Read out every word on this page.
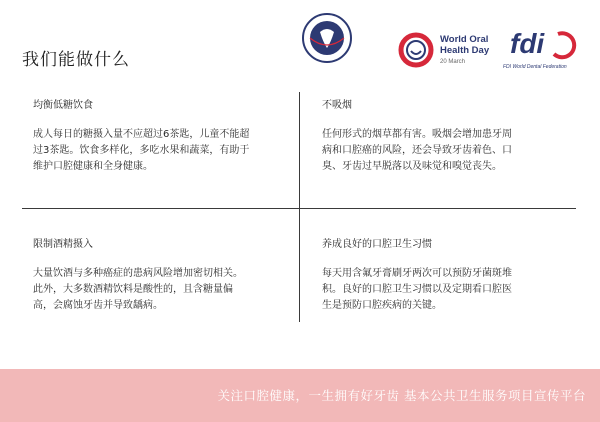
我们能做什么
World Oral
Health Day
20 March
fdi
FDI World Dental Federation
均衡低糖饮食

成人每日的糖摄入量不应超过6茶匙，儿童不能超

过3茶匙。饮食多样化，多吃水果和蔬菜，有助于

维护口腔健康和全身健康。

不吸烟

任何形式的烟草都有害。吸烟会增加患牙周

病和口腔癌的风险，还会导致牙齿着色、口

臭、牙齿过早脱落以及味觉和嗅觉丧失。

限制酒精摄入

大量饮酒与多种癌症的患病风险增加密切相关。

此外，大多数酒精饮料是酸性的，且含糖量偏

高，会腐蚀牙齿并导致龋病。

养成良好的口腔卫生习惯

每天用含氟牙膏刷牙两次可以预防牙菌斑堆

积。良好的口腔卫生习惯以及定期看口腔医

生是预防口腔疾病的关键。

关注口腔健康，一生拥有好牙齿 基本公共卫生服务项目宣传平台
